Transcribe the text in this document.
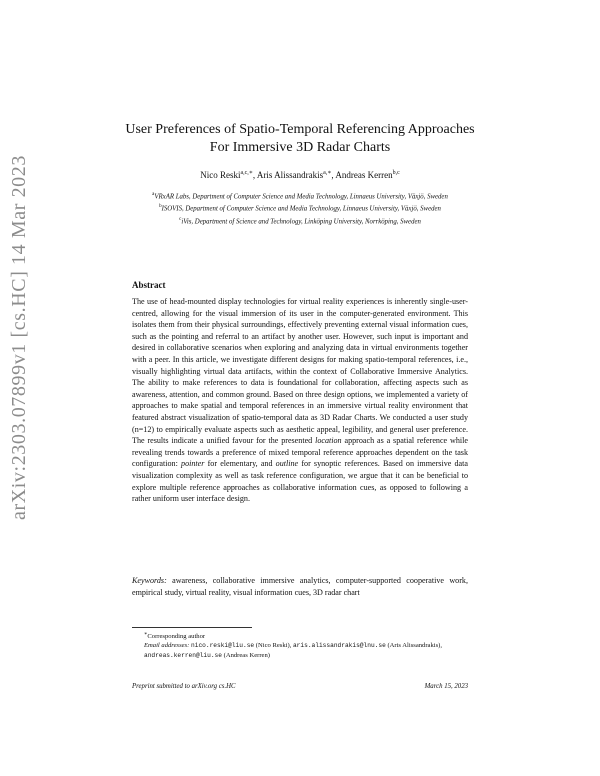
arXiv:2303.07899v1 [cs.HC] 14 Mar 2023
User Preferences of Spatio-Temporal Referencing Approaches For Immersive 3D Radar Charts
Nico Reski$^{a,c,∗}$, Aris Alissandrakis$^{a,∗}$, Andreas Kerren$^{b,c}$

$^a$VRxAR Labs, Department of Computer Science and Media Technology, Linnaeus University, Växjö, Sweden

$^b$ISOVIS, Department of Computer Science and Media Technology, Linnaeus University, Växjö, Sweden

$^c$iVis, Department of Science and Technology, Linköping University, Norrköping, Sweden

Abstract

The use of head-mounted display technologies for virtual reality experiences is inherently single-user-centred, allowing for the visual immersion of its user in the computer-generated environment. This isolates them from their physical surroundings, effectively preventing external visual information cues, such as the pointing and referral to an artifact by another user. However, such input is important and desired in collaborative scenarios when exploring and analyzing data in virtual environments together with a peer. In this article, we investigate different designs for making spatio-temporal references, i.e., visually highlighting virtual data artifacts, within the context of Collaborative Immersive Analytics. The ability to make references to data is foundational for collaboration, affecting aspects such as awareness, attention, and common ground. Based on three design options, we implemented a variety of approaches to make spatial and temporal references in an immersive virtual reality environment that featured abstract visualization of spatio-temporal data as 3D Radar Charts. We conducted a user study (n=12) to empirically evaluate aspects such as aesthetic appeal, legibility, and general user preference. The results indicate a unified favour for the presented location approach as a spatial reference while revealing trends towards a preference of mixed temporal reference approaches dependent on the task configuration: pointer for elementary, and outline for synoptic references. Based on immersive data visualization complexity as well as task reference configuration, we argue that it can be beneficial to explore multiple reference approaches as collaborative information cues, as opposed to following a rather uniform user interface design.

Keywords: awareness, collaborative immersive analytics, computer-supported cooperative work, empirical study, virtual reality, visual information cues, 3D radar chart

∗Corresponding author

Email addresses: nico.reski@liu.se (Nico Reski), aris.alissandrakis@lnu.se (Aris Alissandrakis), andreas.kerren@liu.se (Andreas Kerren)

Preprint submitted to arXiv.org cs.HC	March 15, 2023
